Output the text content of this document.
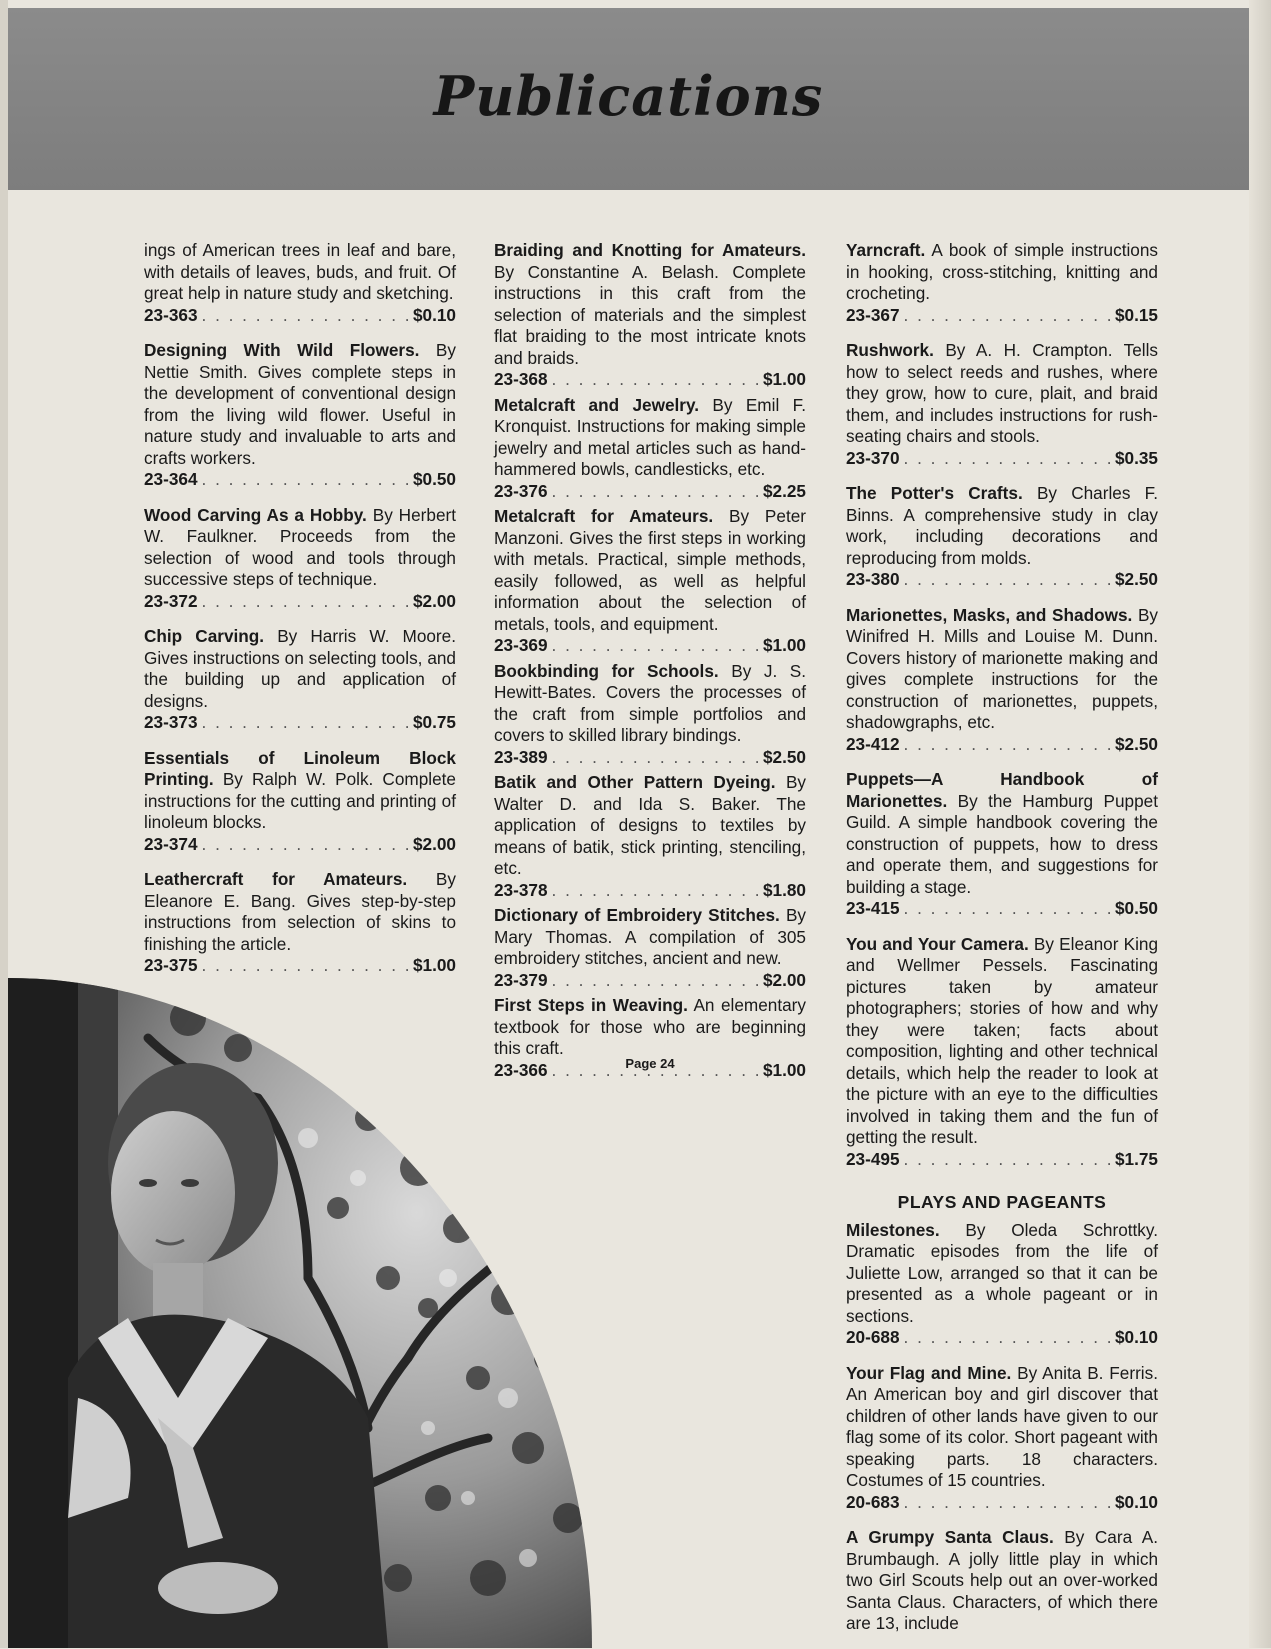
Publications
ings of American trees in leaf and bare, with details of leaves, buds, and fruit. Of great help in nature study and sketching.
23-363 . . .	$0.10
Designing With Wild Flowers. By Nettie Smith. Gives complete steps in the development of conventional design from the living wild flower. Useful in nature study and invaluable to arts and crafts workers.
23-364 . . .	$0.50
Wood Carving As a Hobby. By Herbert W. Faulkner. Proceeds from the selection of wood and tools through successive steps of technique.
23-372 . . .	$2.00
Chip Carving. By Harris W. Moore. Gives instructions on selecting tools, and the building up and application of designs.
23-373 . . .	$0.75
Essentials of Linoleum Block Printing. By Ralph W. Polk. Complete instructions for the cutting and printing of linoleum blocks.
23-374 . . .	$2.00
Leathercraft for Amateurs. By Eleanore E. Bang. Gives step-by-step instructions from selection of skins to finishing the article.
23-375 . . .	$1.00
Braiding and Knotting for Amateurs. By Constantine A. Belash. Complete instructions in this craft from the selection of materials and the simplest flat braiding to the most intricate knots and braids.
23-368 . . .	$1.00
Metalcraft and Jewelry. By Emil F. Kronquist. Instructions for making simple jewelry and metal articles such as hand-hammered bowls, candlesticks, etc.
23-376 . . .	$2.25
Metalcraft for Amateurs. By Peter Manzoni. Gives the first steps in working with metals. Practical, simple methods, easily followed, as well as helpful information about the selection of metals, tools, and equipment.
23-369 . . .	$1.00
Bookbinding for Schools. By J. S. Hewitt-Bates. Covers the processes of the craft from simple portfolios and covers to skilled library bindings.
23-389 . . .	$2.50
Batik and Other Pattern Dyeing. By Walter D. and Ida S. Baker. The application of designs to textiles by means of batik, stick printing, stenciling, etc.
23-378 . . .	$1.80
Dictionary of Embroidery Stitches. By Mary Thomas. A compilation of 305 embroidery stitches, ancient and new.
23-379 . . .	$2.00
First Steps in Weaving. An elementary textbook for those who are beginning this craft.
23-366 . . .	$1.00
Page 24
Yarncraft. A book of simple instructions in hooking, cross-stitching, knitting and crocheting.
23-367 . . .	$0.15
Rushwork. By A. H. Crampton. Tells how to select reeds and rushes, where they grow, how to cure, plait, and braid them, and includes instructions for rush-seating chairs and stools.
23-370 . . .	$0.35
The Potter's Crafts. By Charles F. Binns. A comprehensive study in clay work, including decorations and reproducing from molds.
23-380 . . .	$2.50
Marionettes, Masks, and Shadows. By Winifred H. Mills and Louise M. Dunn. Covers history of marionette making and gives complete instructions for the construction of marionettes, puppets, shadowgraphs, etc.
23-412 . . .	$2.50
Puppets—A Handbook of Marionettes. By the Hamburg Puppet Guild. A simple handbook covering the construction of puppets, how to dress and operate them, and suggestions for building a stage.
23-415 . . .	$0.50
You and Your Camera. By Eleanor King and Wellmer Pessels. Fascinating pictures taken by amateur photographers; stories of how and why they were taken; facts about composition, lighting and other technical details, which help the reader to look at the picture with an eye to the difficulties involved in taking them and the fun of getting the result.
23-495 . . .	$1.75
PLAYS AND PAGEANTS
Milestones. By Oleda Schrottky. Dramatic episodes from the life of Juliette Low, arranged so that it can be presented as a whole pageant or in sections.
20-688 . . .	$0.10
Your Flag and Mine. By Anita B. Ferris. An American boy and girl discover that children of other lands have given to our flag some of its color. Short pageant with speaking parts. 18 characters. Costumes of 15 countries.
20-683 . . .	$0.10
A Grumpy Santa Claus. By Cara A. Brumbaugh. A jolly little play in which two Girl Scouts help out an over-worked Santa Claus. Characters, of which there are 13, include
